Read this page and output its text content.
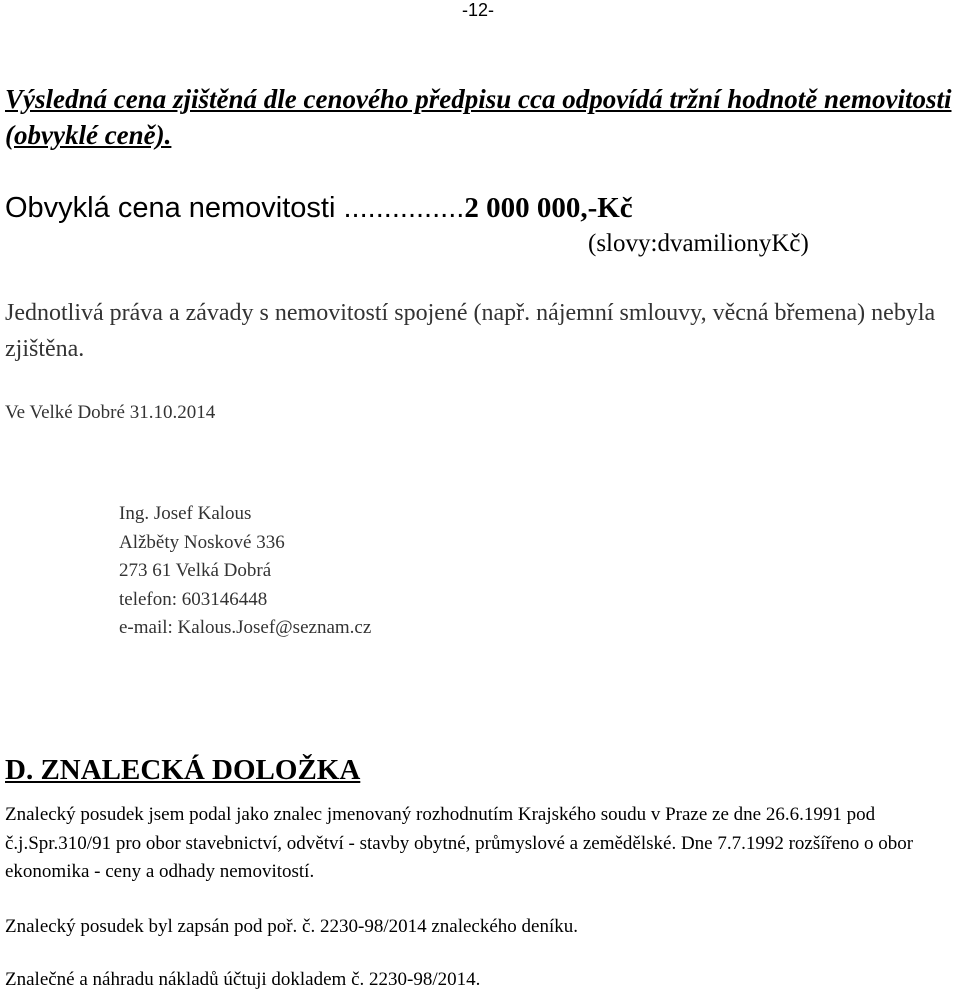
-12-
Výsledná cena zjištěná dle cenového předpisu cca odpovídá tržní hodnotě nemovitosti (obvyklé ceně).
Obvyklá cena nemovitosti ...............2 000 000,-Kč
(slovy:dvamilionyKč)
Jednotlivá práva a závady s nemovitostí spojené (např. nájemní smlouvy, věcná břemena) nebyla zjištěna.
Ve Velké Dobré 31.10.2014
Ing. Josef Kalous
Alžběty Noskové 336
273 61 Velká Dobrá
telefon: 603146448
e-mail: Kalous.Josef@seznam.cz
D. ZNALECKÁ DOLOŽKA
Znalecký posudek jsem podal jako znalec jmenovaný rozhodnutím Krajského soudu v Praze ze dne 26.6.1991 pod č.j.Spr.310/91 pro obor stavebnictví, odvětví - stavby obytné, průmyslové a zemědělské. Dne 7.7.1992 rozšířeno o obor ekonomika - ceny a odhady nemovitostí.
Znalecký posudek byl zapsán pod poř. č. 2230-98/2014 znaleckého deníku.
Znalečné a náhradu nákladů účtuji dokladem č. 2230-98/2014.
